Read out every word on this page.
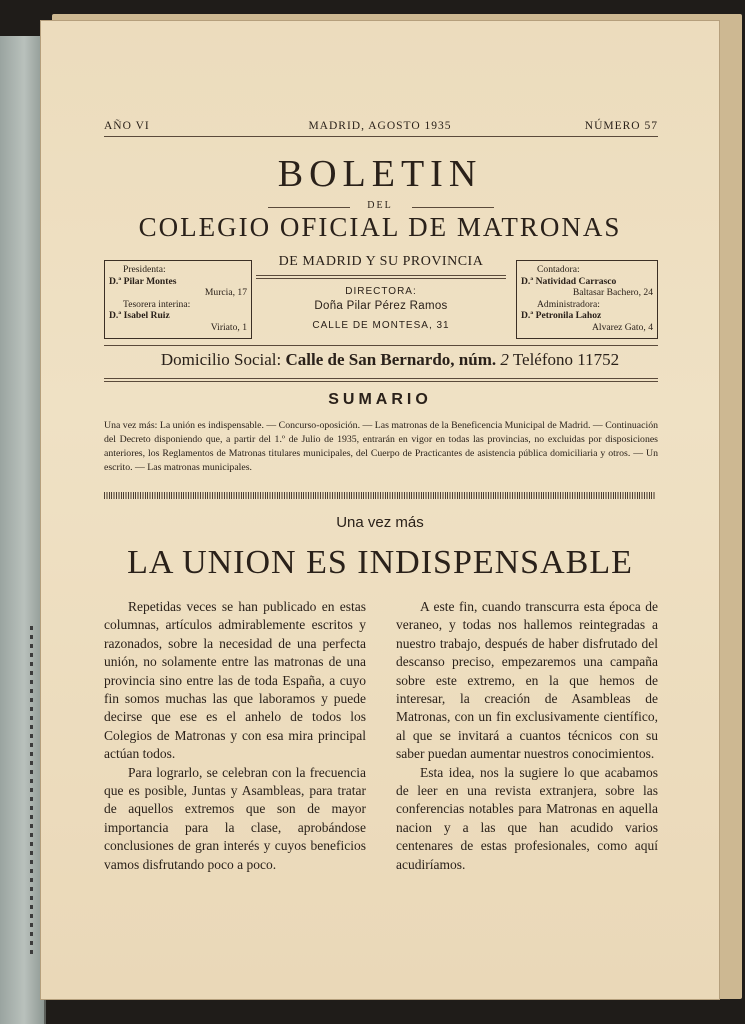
AÑO VI	MADRID, AGOSTO 1935	NÚMERO 57
BOLETIN
DEL
COLEGIO OFICIAL DE MATRONAS
Presidenta:
D.ª Pilar Montes
Murcia, 17
Tesorera interina:
D.ª Isabel Ruiz
Viriato, 1
DE MADRID Y SU PROVINCIA
DIRECTORA:
Doña Pilar Pérez Ramos
CALLE DE MONTESA, 31
Contadora:
D.ª Natividad Carrasco
Baltasar Bachero, 24
Administradora:
D.ª Petronila Lahoz
Alvarez Gato, 4
Domicilio Social: Calle de San Bernardo, núm. 2 Teléfono 11752
SUMARIO
Una vez más: La unión es indispensable. — Concurso-oposición. — Las matronas de la Beneficencia Municipal de Madrid. — Continuación del Decreto disponiendo que, a partir del 1.º de Julio de 1935, entrarán en vigor en todas las provincias, no excluidas por disposiciones anteriores, los Reglamentos de Matronas titulares municipales, del Cuerpo de Practicantes de asistencia pública domiciliaria y otros. — Un escrito. — Las matronas municipales.
Una vez más
LA UNION ES INDISPENSABLE

Repetidas veces se han publicado en estas columnas, artículos admirablemente escritos y razonados, sobre la necesidad de una perfecta unión, no solamente entre las matronas de una provincia sino entre las de toda España, a cuyo fin somos muchas las que laboramos y puede decirse que ese es el anhelo de todos los Colegios de Matronas y con esa mira principal actúan todos.

Para lograrlo, se celebran con la frecuencia que es posible, Juntas y Asambleas, para tratar de aquellos extremos que son de mayor importancia para la clase, aprobándose conclusiones de gran interés y cuyos beneficios vamos disfrutando poco a poco.

A este fin, cuando transcurra esta época de veraneo, y todas nos hallemos reintegradas a nuestro trabajo, después de haber disfrutado del descanso preciso, empezaremos una campaña sobre este extremo, en la que hemos de interesar, la creación de Asambleas de Matronas, con un fin exclusivamente científico, al que se invitará a cuantos técnicos con su saber puedan aumentar nuestros conocimientos.

Esta idea, nos la sugiere lo que acabamos de leer en una revista extranjera, sobre las conferencias notables para Matronas en aquella nacion y a las que han acudido varios centenares de estas profesionales, como aquí acudiríamos.
